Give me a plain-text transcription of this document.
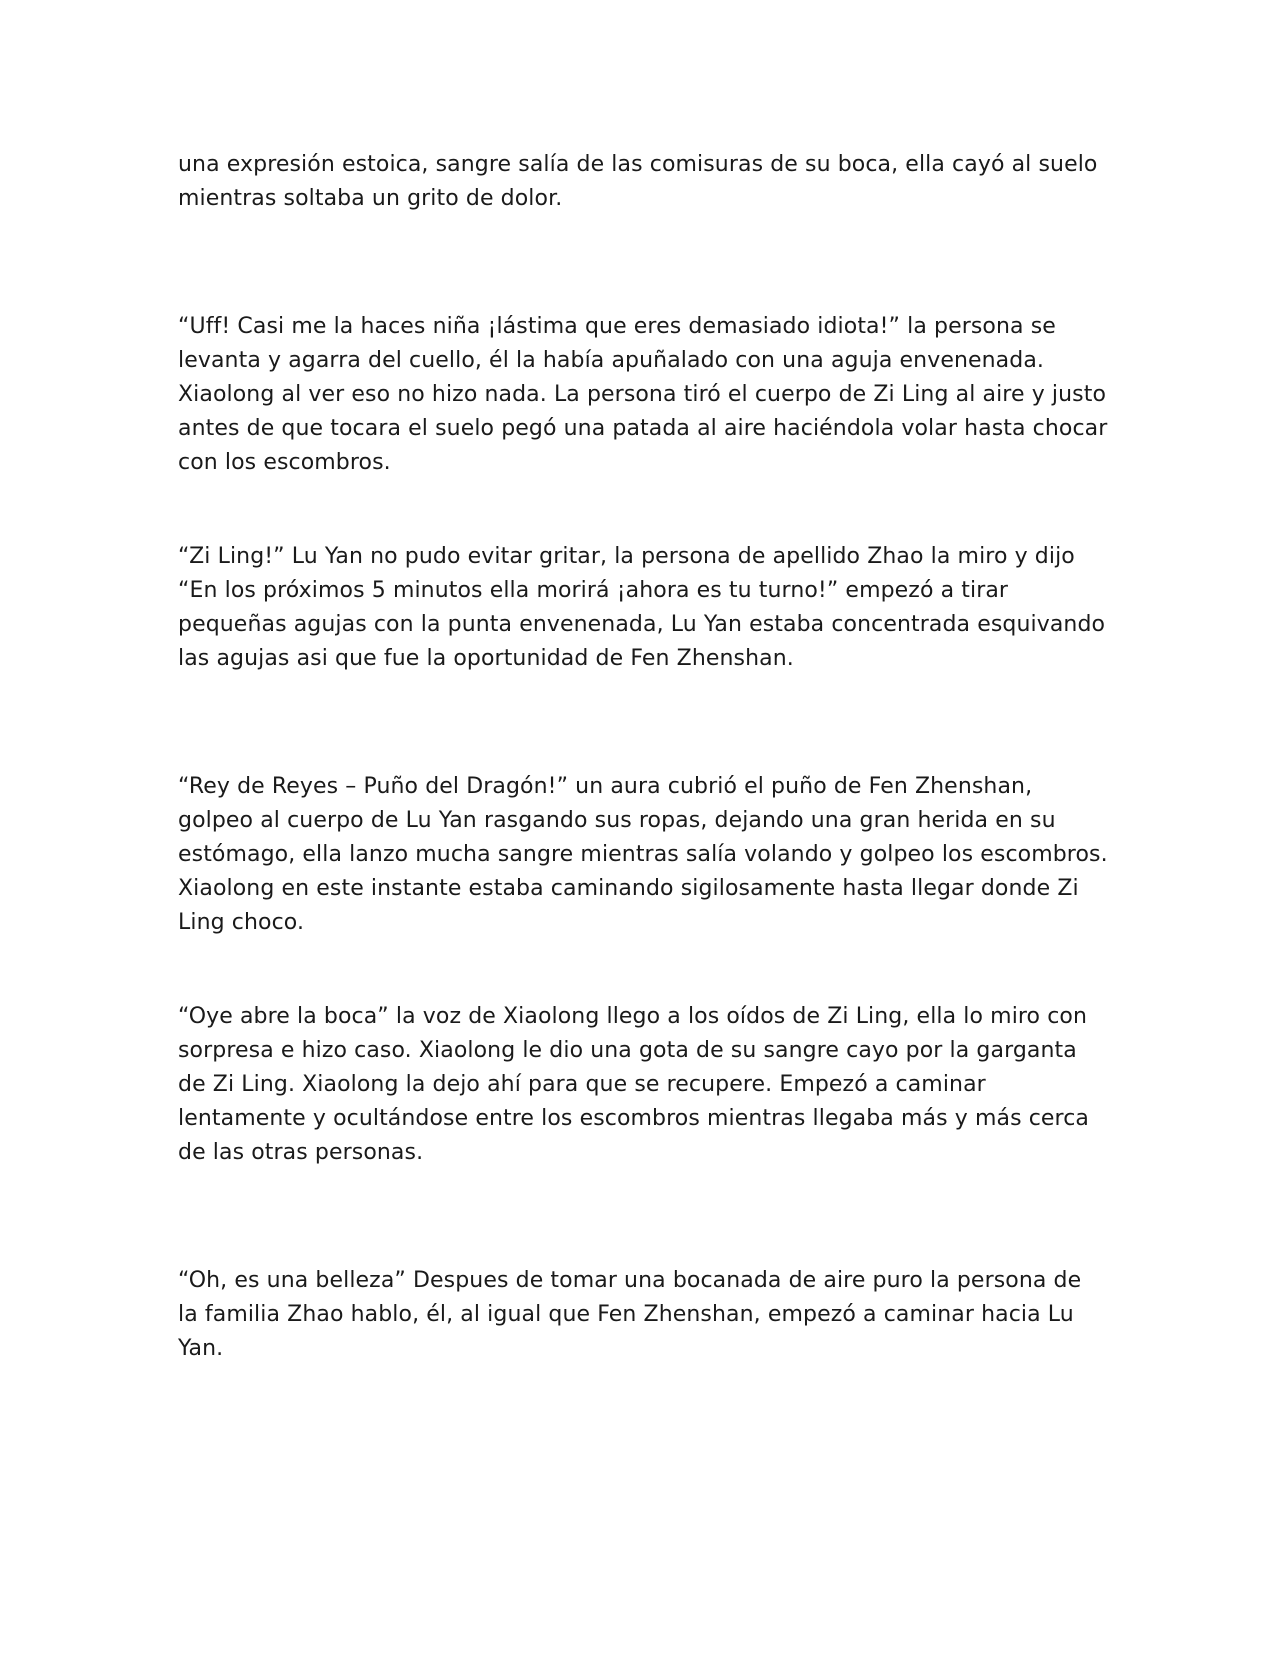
una expresión estoica, sangre salía de las comisuras de su boca, ella cayó al suelo mientras soltaba un grito de dolor.

“Uff! Casi me la haces niña ¡lástima que eres demasiado idiota!” la persona se levanta y agarra del cuello, él la había apuñalado con una aguja envenenada. Xiaolong al ver eso no hizo nada. La persona tiró el cuerpo de Zi Ling al aire y justo antes de que tocara el suelo pegó una patada al aire haciéndola volar hasta chocar con los escombros.

“Zi Ling!” Lu Yan no pudo evitar gritar, la persona de apellido Zhao la miro y dijo “En los próximos 5 minutos ella morirá ¡ahora es tu turno!” empezó a tirar pequeñas agujas con la punta envenenada, Lu Yan estaba concentrada esquivando las agujas asi que fue la oportunidad de Fen Zhenshan.

“Rey de Reyes – Puño del Dragón!” un aura cubrió el puño de Fen Zhenshan, golpeo al cuerpo de Lu Yan rasgando sus ropas, dejando una gran herida en su estómago, ella lanzo mucha sangre mientras salía volando y golpeo los escombros. Xiaolong en este instante estaba caminando sigilosamente hasta llegar donde Zi Ling choco.

“Oye abre la boca” la voz de Xiaolong llego a los oídos de Zi Ling, ella lo miro con sorpresa e hizo caso. Xiaolong le dio una gota de su sangre cayo por la garganta de Zi Ling. Xiaolong la dejo ahí para que se recupere. Empezó a caminar lentamente y ocultándose entre los escombros mientras llegaba más y más cerca de las otras personas.

“Oh, es una belleza” Despues de tomar una bocanada de aire puro la persona de la familia Zhao hablo, él, al igual que Fen Zhenshan, empezó a caminar hacia Lu Yan.
